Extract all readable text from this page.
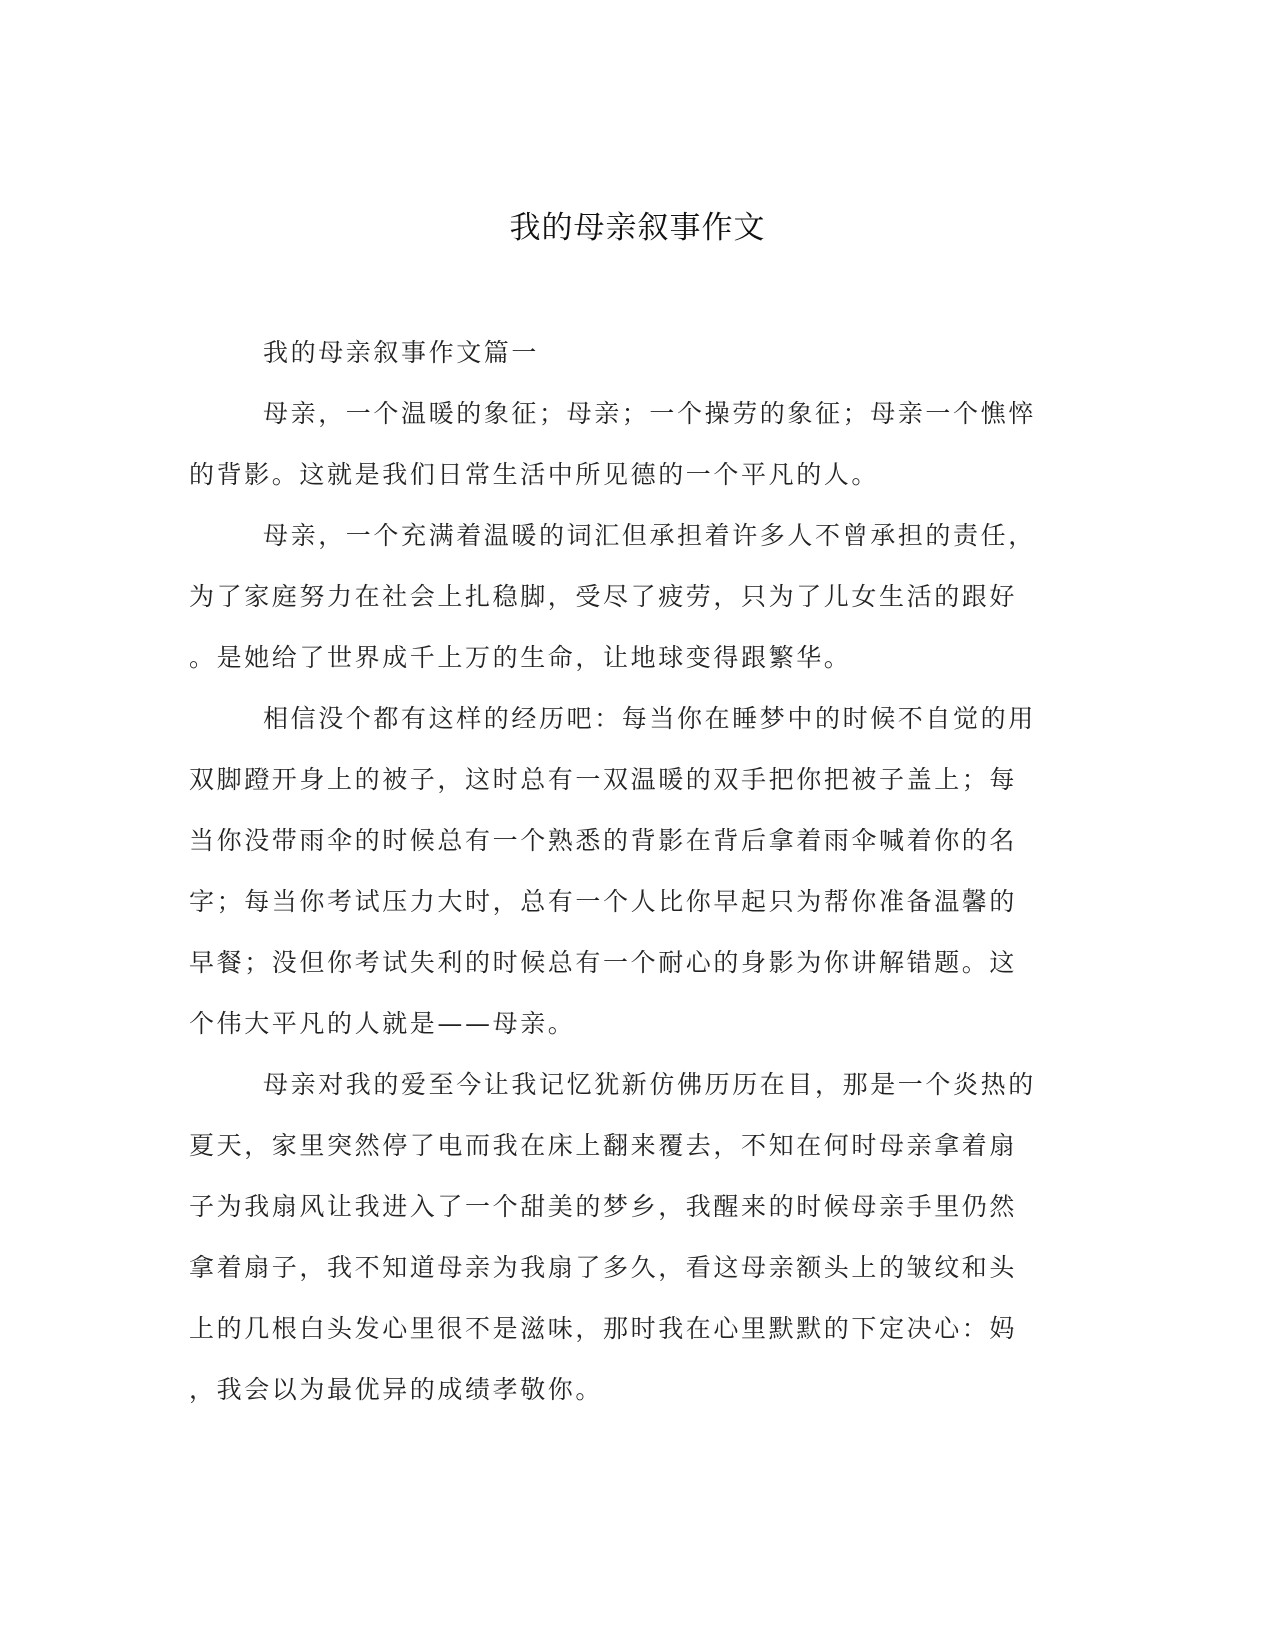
我的母亲叙事作文

我的母亲叙事作文篇一

母亲，一个温暖的象征；母亲；一个操劳的象征；母亲一个憔悴
的背影。这就是我们日常生活中所见德的一个平凡的人。

母亲，一个充满着温暖的词汇但承担着许多人不曾承担的责任，
为了家庭努力在社会上扎稳脚，受尽了疲劳，只为了儿女生活的跟好
。是她给了世界成千上万的生命，让地球变得跟繁华。

相信没个都有这样的经历吧：每当你在睡梦中的时候不自觉的用
双脚蹬开身上的被子，这时总有一双温暖的双手把你把被子盖上；每
当你没带雨伞的时候总有一个熟悉的背影在背后拿着雨伞喊着你的名
字；每当你考试压力大时，总有一个人比你早起只为帮你准备温馨的
早餐；没但你考试失利的时候总有一个耐心的身影为你讲解错题。这
个伟大平凡的人就是——母亲。

母亲对我的爱至今让我记忆犹新仿佛历历在目，那是一个炎热的
夏天，家里突然停了电而我在床上翻来覆去，不知在何时母亲拿着扇
子为我扇风让我进入了一个甜美的梦乡，我醒来的时候母亲手里仍然
拿着扇子，我不知道母亲为我扇了多久，看这母亲额头上的皱纹和头
上的几根白头发心里很不是滋味，那时我在心里默默的下定决心：妈
，我会以为最优异的成绩孝敬你。
